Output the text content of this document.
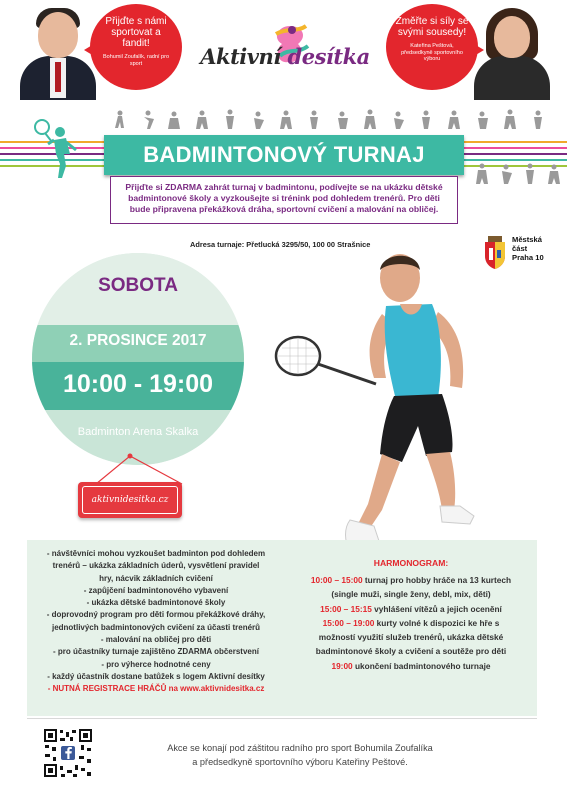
Přijďte s námi sportovat a fandit!
Bohumil Zoufalík, radní pro sport	Aktivní desítka
Změřte si síly se svými sousedy!
Kateřina Peštová, předsedkyně sportovního výboru
BADMINTONOVÝ TURNAJ
Přijďte si ZDARMA zahrát turnaj v badmintonu, podívejte se na ukázku dětské badmintonové školy a vyzkoušejte si trénink pod dohledem trenérů. Pro děti bude připravena překážková dráha, sportovní cvičení a malování na obličej.
Adresa turnaje: Přetlucká 3295/50, 100 00 Strašnice
Městská
část
Praha 10
SOBOTA
2. PROSINCE 2017
10:00 - 19:00
Badminton Arena Skalka
aktivnidesitka.cz
- návštěvníci mohou vyzkoušet badminton pod dohledem
trenérů – ukázka základních úderů, vysvětlení pravidel
hry, nácvik základních cvičení
- zapůjčení badmintonového vybavení
- ukázka dětské badmintonové školy
- doprovodný program pro děti formou překážkové dráhy,
jednotlivých badmintonových cvičení za účasti trenérů
- malování na obličej pro děti
- pro účastníky turnaje zajištěno ZDARMA občerstvení
- pro výherce hodnotné ceny
- každý účastník dostane batůžek s logem Aktivní desítky
- NUTNÁ REGISTRACE HRÁČŮ na www.aktivnidesitka.cz
HARMONOGRAM:
10:00 – 15:00 turnaj pro hobby hráče na 13 kurtech
(single muži, single ženy, debl, mix, děti)
15:00 – 15:15 vyhlášení vítězů a jejich ocenění
15:00 – 19:00 kurty volné k dispozici ke hře s
možností využití služeb trenérů, ukázka dětské
badmintonové školy a cvičení a soutěže pro děti
19:00 ukončení badmintonového turnaje
Akce se konají pod záštitou radního pro sport Bohumila Zoufalíka
a předsedkyně sportovního výboru Kateřiny Peštové.
